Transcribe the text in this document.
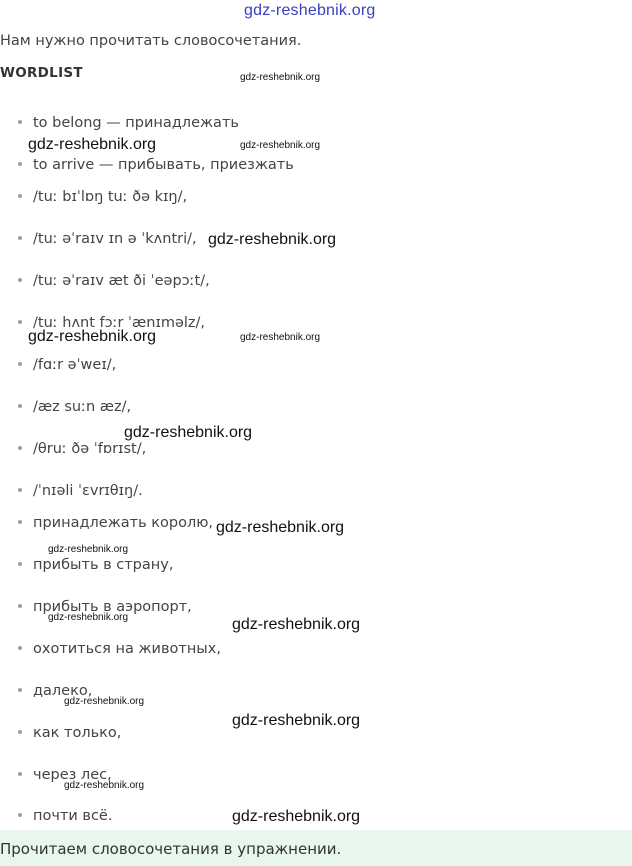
gdz-reshebnik.org
Нам нужно прочитать словосочетания.
WORDLIST
to belong — принадлежать
to arrive — прибывать, приезжать
/tuː bɪˈlɒŋ tuː ðə kɪŋ/,
/tuː əˈraɪv ɪn ə ˈkʌntri/,
/tuː əˈraɪv æt ði ˈeəpɔːt/,
/tuː hʌnt fɔːr ˈænɪməlz/,
/fɑːr əˈweɪ/,
/æz suːn æz/,
/θruː ðə ˈfɒrɪst/,
/ˈnɪəli ˈɛvrɪθɪŋ/.
принадлежать королю,
прибыть в страну,
прибыть в аэропорт,
охотиться на животных,
далеко,
как только,
через лес,
почти всё.
gdz-reshebnik.org
gdz-reshebnik.org	gdz-reshebnik.org
gdz-reshebnik.org
gdz-reshebnik.org	gdz-reshebnik.org
gdz-reshebnik.org
gdz-reshebnik.org
gdz-reshebnik.org
gdz-reshebnik.org	gdz-reshebnik.org
gdz-reshebnik.org
gdz-reshebnik.org
gdz-reshebnik.org
gdz-reshebnik.org
Прочитаем словосочетания в упражнении.
